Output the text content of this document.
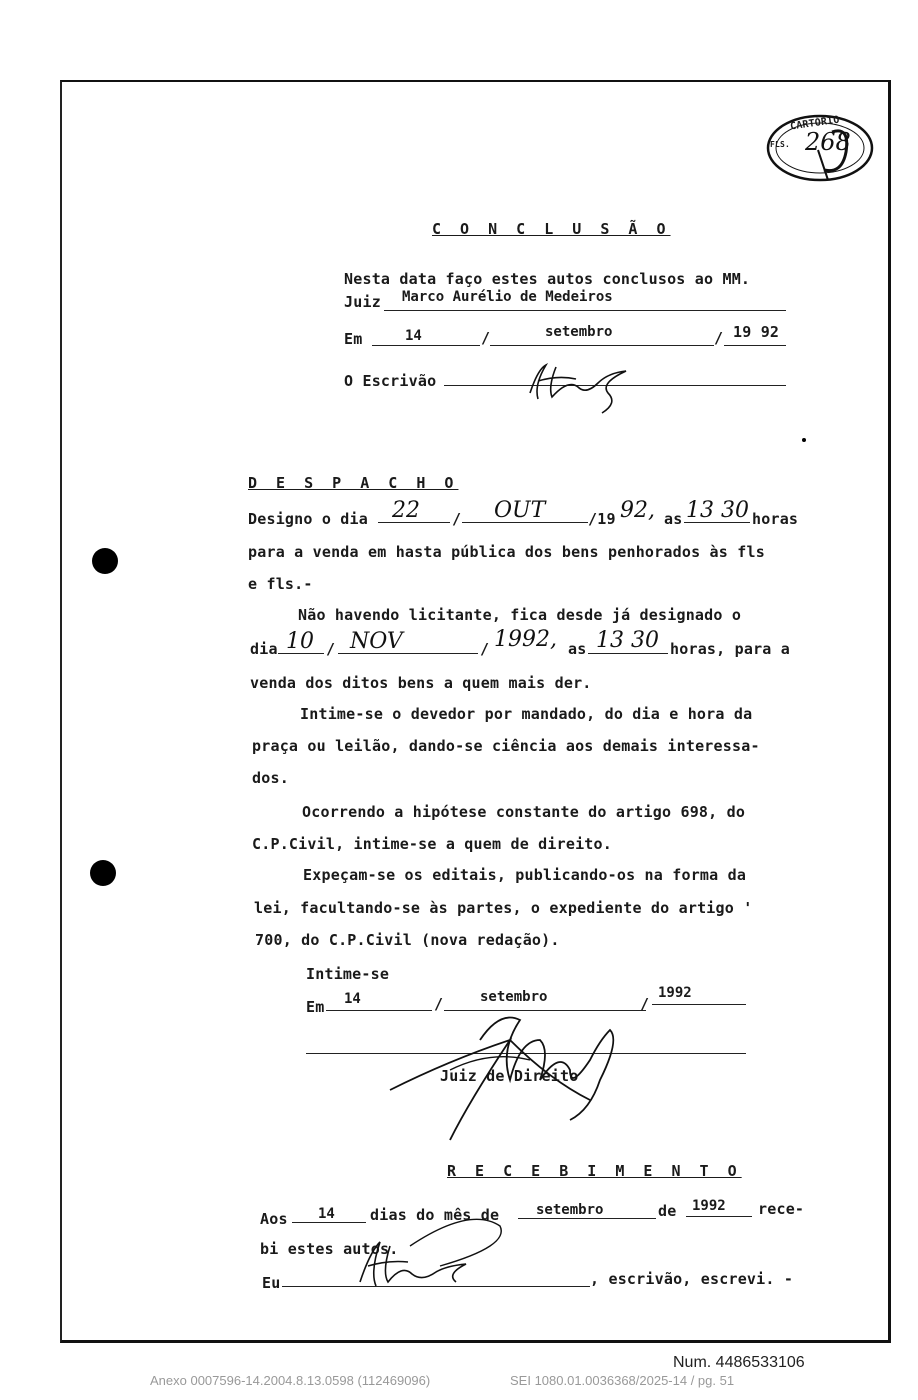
CARTÓRIO
FLS. 268
C O N C L U S Ã O
Nesta data faço estes autos conclusos ao MM.
Juiz Marco Aurélio de Medeiros
Em	14	/	setembro	/ 19 92
O Escrivão
D E S P A C H O
Designo o dia 22 / OUT	/19 92, as 13 30 horas
para a venda em hasta pública dos bens penhorados às fls
e fls.-
Não havendo licitante, fica desde já designado o
dia 10 / NOV	/ 1992, as 13 30 horas, para a
venda dos ditos bens a quem mais der.
Intime-se o devedor por mandado, do dia e hora da
praça ou leilão, dando-se ciência aos demais interessa-
dos.
Ocorrendo a hipótese constante do artigo 698, do
C.P.Civil, intime-se a quem de direito.
Expeçam-se os editais, publicando-os na forma da
lei, facultando-se às partes, o expediente do artigo '
700, do C.P.Civil (nova redação).
Intime-se
Em 14	/	setembro	/
1992
Juiz de Direito
R E C E B I M E N T O
Aos 14 dias do mês de	setembro	de 1992 rece-
bi estes autos.
Eu	, escrivão, escrevi. -
Num. 4486533106
Anexo 0007596-14.2004.8.13.0598 (112469096)	SEI 1080.01.0036368/2025-14 / pg. 51
